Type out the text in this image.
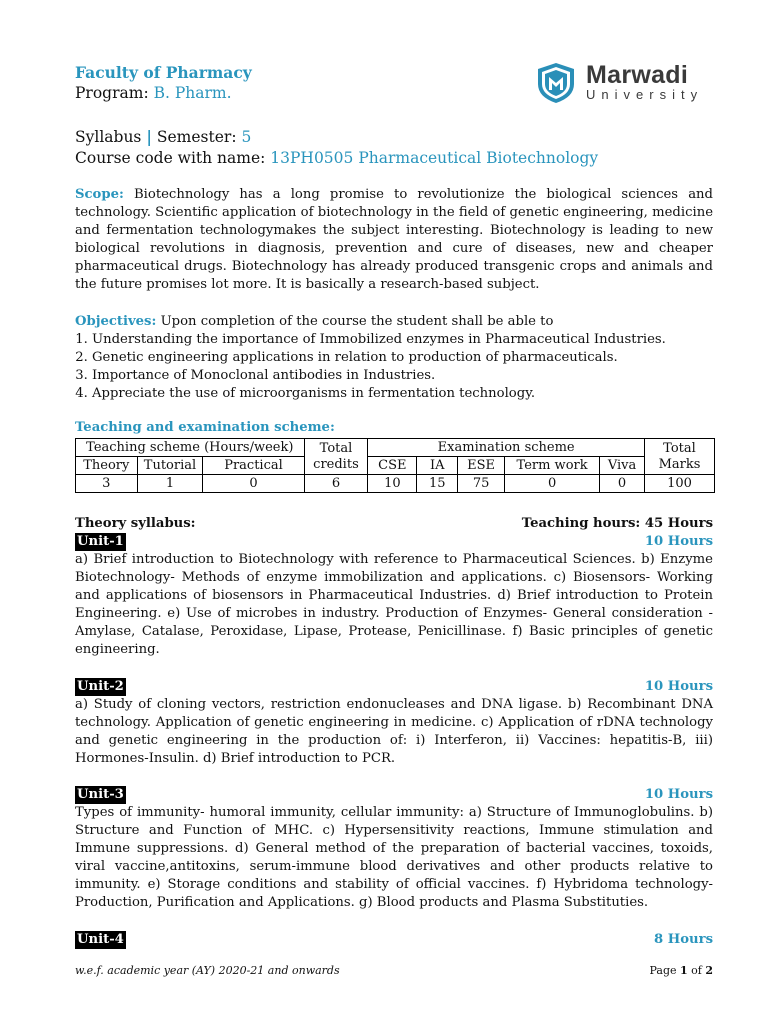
Faculty of Pharmacy
Program: B. Pharm.
Marwadi
University
Syllabus | Semester: 5
Course code with name: 13PH0505 Pharmaceutical Biotechnology
Scope: Biotechnology has a long promise to revolutionize the biological sciences and technology. Scientific application of biotechnology in the field of genetic engineering, medicine and fermentation technologymakes the subject interesting. Biotechnology is leading to new biological revolutions in diagnosis, prevention and cure of diseases, new and cheaper pharmaceutical drugs. Biotechnology has already produced transgenic crops and animals and the future promises lot more. It is basically a research-based subject.
Objectives: Upon completion of the course the student shall be able to
1. Understanding the importance of Immobilized enzymes in Pharmaceutical Industries.
2. Genetic engineering applications in relation to production of pharmaceuticals.
3. Importance of Monoclonal antibodies in Industries.
4. Appreciate the use of microorganisms in fermentation technology.
Teaching and examination scheme:
Teaching scheme (Hours/week)			Total credits	Examination scheme					Total Marks
Theory	Tutorial	Practical		CSE	IA	ESE	Term work	Viva	
3	1	0	6	10	15	75	0	0	100
Theory syllabus:	Teaching hours: 45 Hours
Unit-1	10 Hours
a) Brief introduction to Biotechnology with reference to Pharmaceutical Sciences. b) Enzyme Biotechnology- Methods of enzyme immobilization and applications. c) Biosensors- Working and applications of biosensors in Pharmaceutical Industries. d) Brief introduction to Protein Engineering. e) Use of microbes in industry. Production of Enzymes- General consideration - Amylase, Catalase, Peroxidase, Lipase, Protease, Penicillinase. f) Basic principles of genetic engineering.
Unit-2	10 Hours
a) Study of cloning vectors, restriction endonucleases and DNA ligase. b) Recombinant DNA technology. Application of genetic engineering in medicine. c) Application of rDNA technology and genetic engineering in the production of: i) Interferon, ii) Vaccines: hepatitis-B, iii) Hormones-Insulin. d) Brief introduction to PCR.
Unit-3	10 Hours
Types of immunity- humoral immunity, cellular immunity: a) Structure of Immunoglobulins. b) Structure and Function of MHC. c) Hypersensitivity reactions, Immune stimulation and Immune suppressions. d) General method of the preparation of bacterial vaccines, toxoids, viral vaccine,antitoxins, serum-immune blood derivatives and other products relative to immunity. e) Storage conditions and stability of official vaccines. f) Hybridoma technology-Production, Purification and Applications. g) Blood products and Plasma Substituties.
Unit-4	8 Hours
w.e.f. academic year (AY) 2020-21 and onwards	Page 1 of 2
